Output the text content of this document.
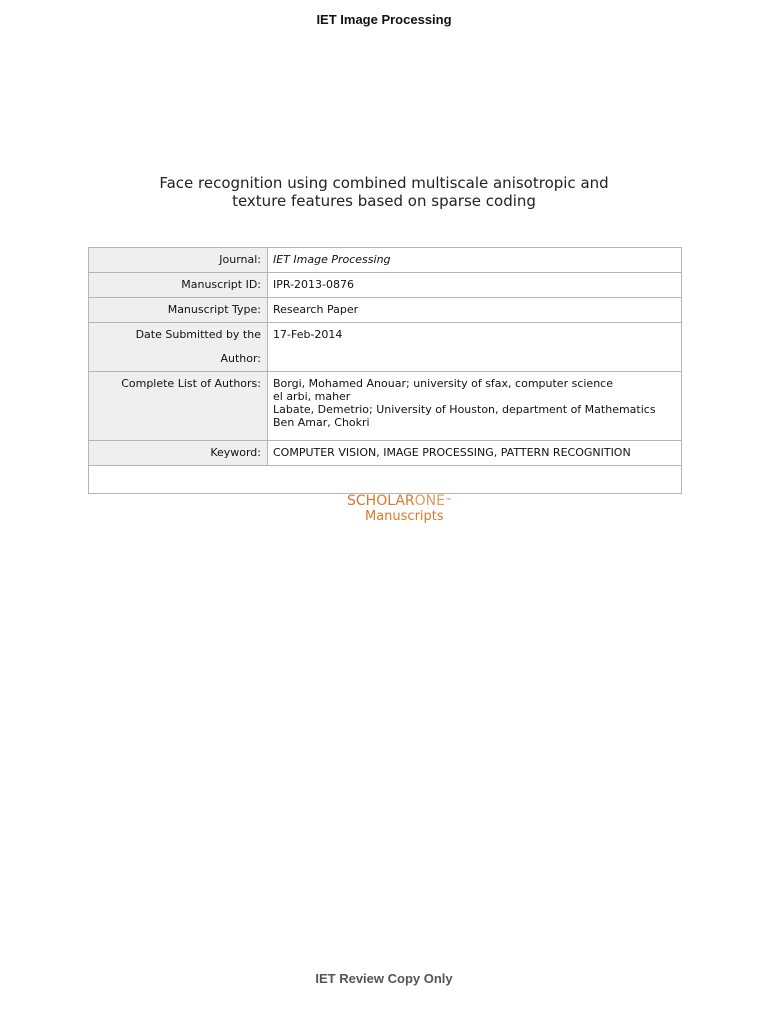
IET Image Processing
Face recognition using combined multiscale anisotropic and
texture features based on sparse coding
Journal:	IET Image Processing
Manuscript ID:	IPR-2013-0876
Manuscript Type:	Research Paper
Date Submitted by the Author:	17-Feb-2014
Complete List of Authors:	Borgi, Mohamed Anouar; university of sfax, computer science
el arbi, maher
Labate, Demetrio; University of Houston, department of Mathematics
Ben Amar, Chokri

Keyword:	COMPUTER VISION, IMAGE PROCESSING, PATTERN RECOGNITION

SCHOLARONE™
Manuscripts
IET Review Copy Only
